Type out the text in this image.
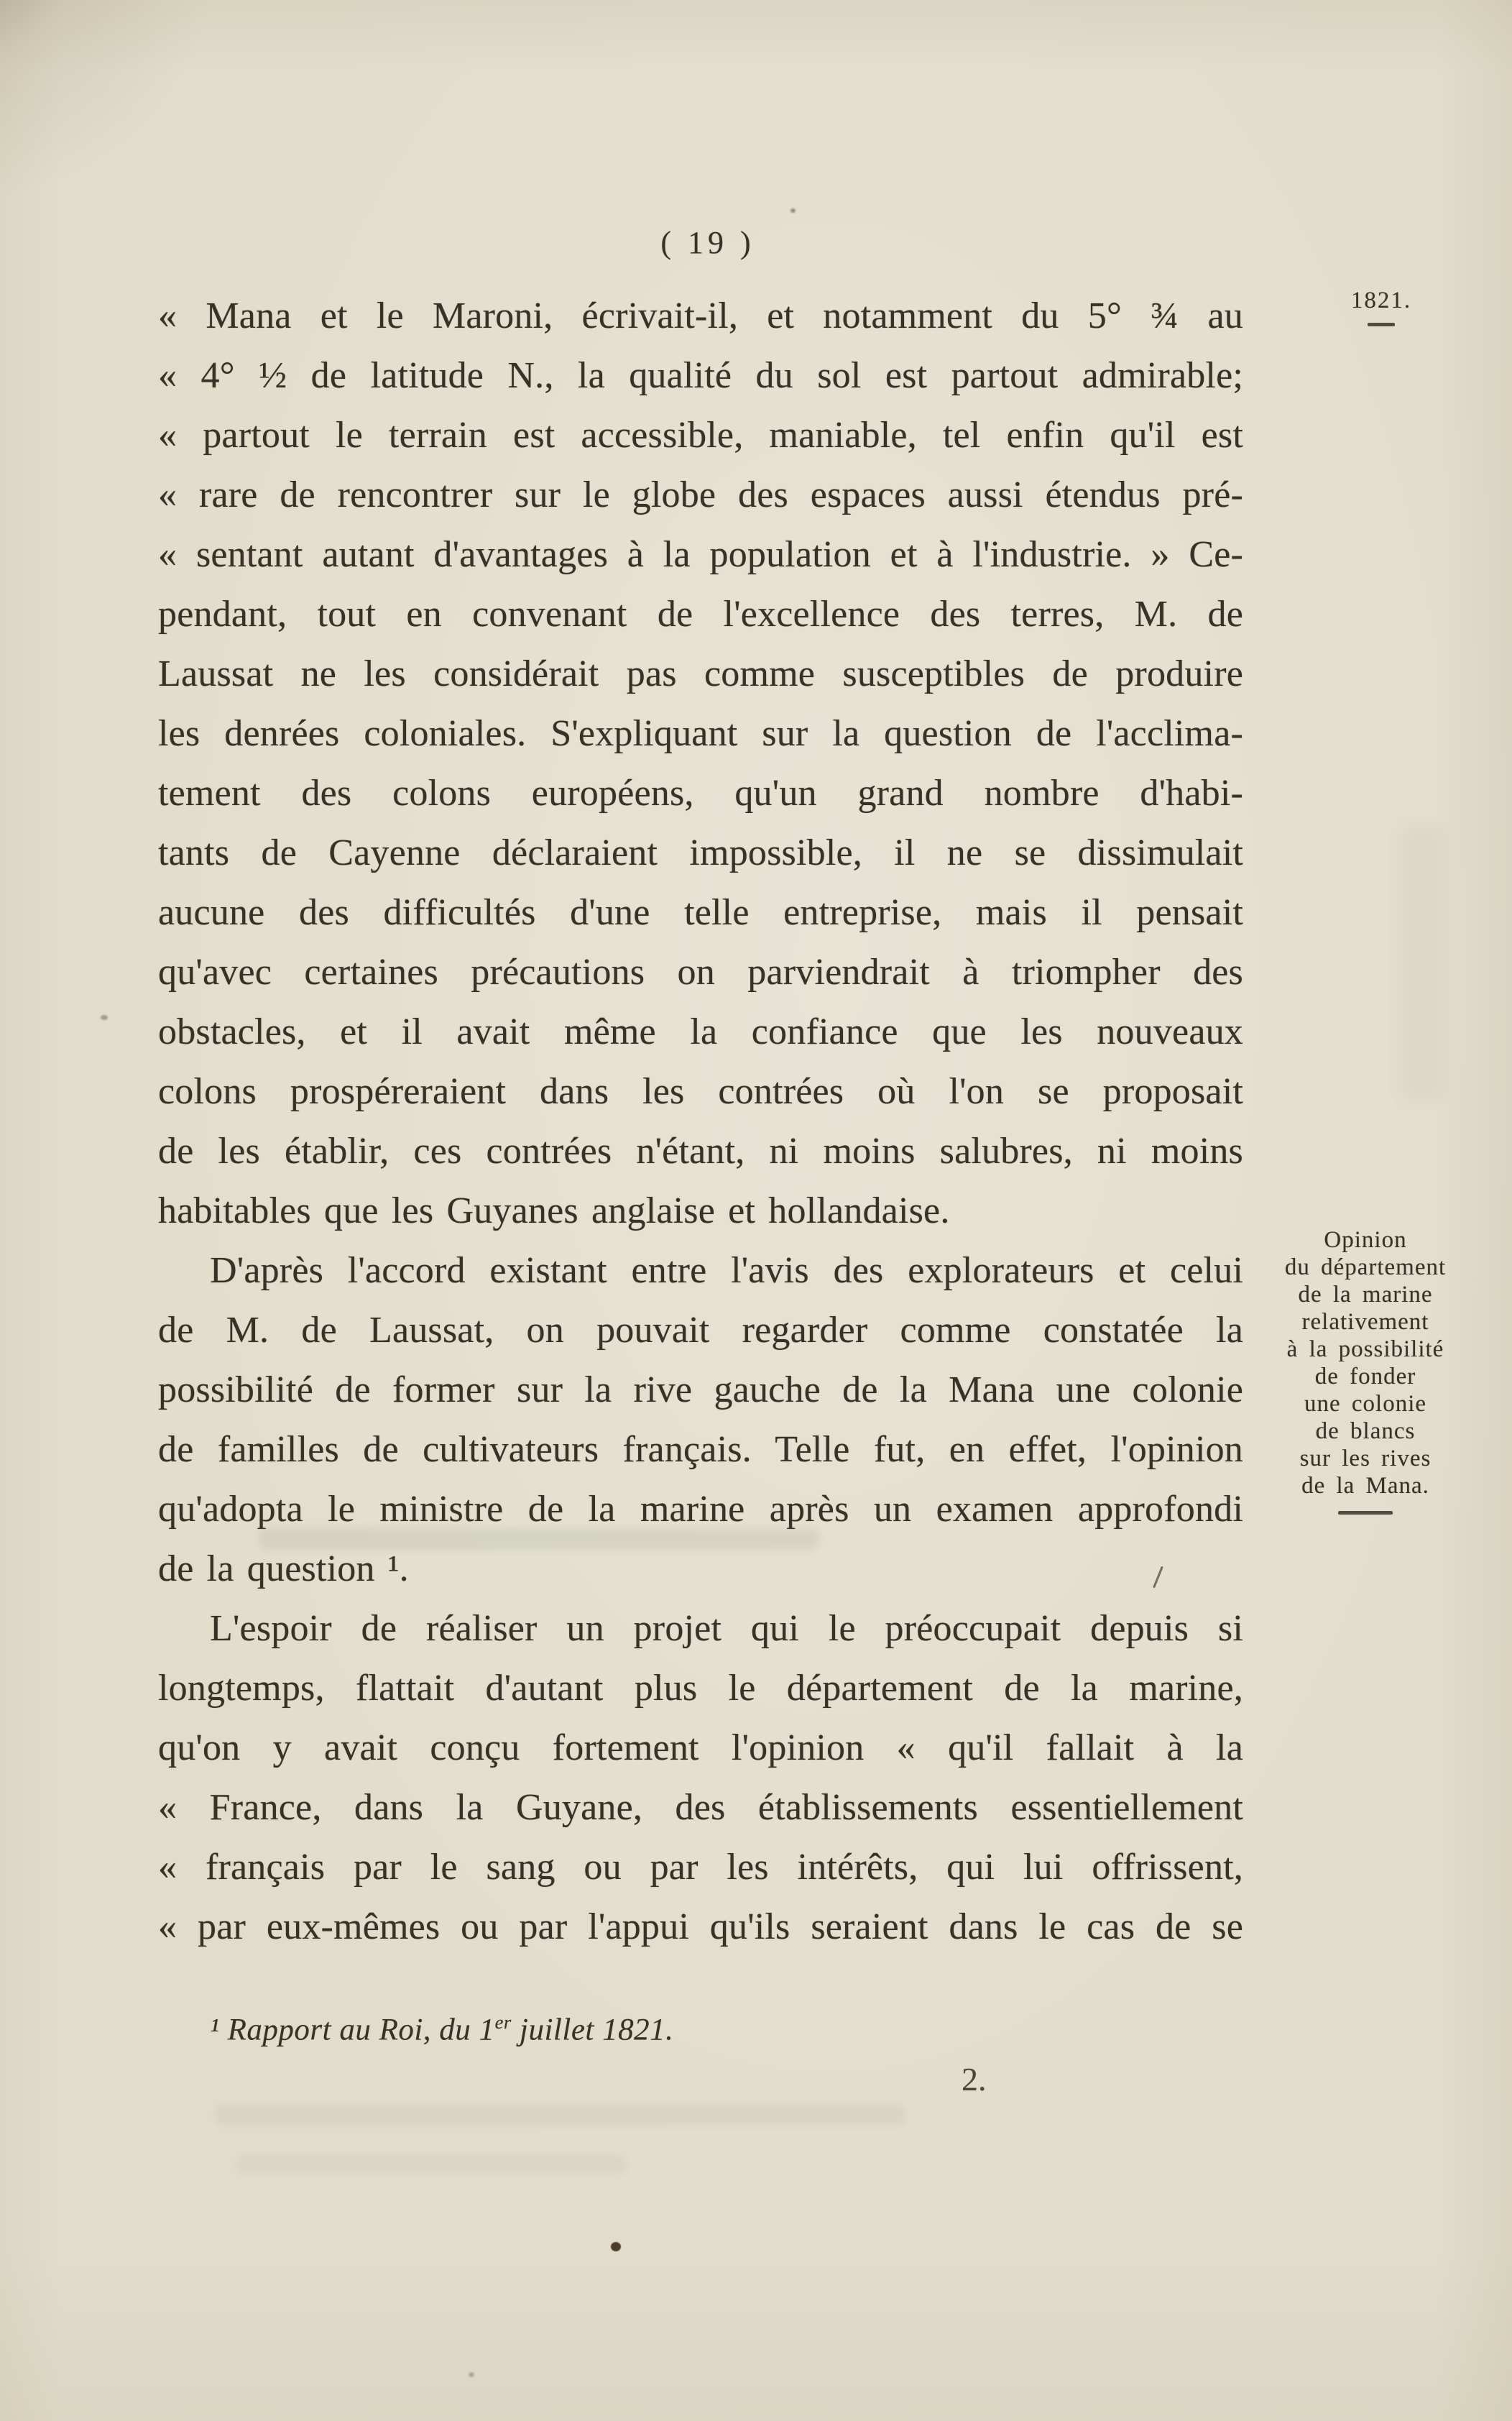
( 19 )
1821.
« Mana et le Maroni, écrivait-il, et notamment du 5° ¾ au
« 4° ½ de latitude N., la qualité du sol est partout admirable;
« partout le terrain est accessible, maniable, tel enfin qu'il est
« rare de rencontrer sur le globe des espaces aussi étendus pré-
« sentant autant d'avantages à la population et à l'industrie. » Ce-
pendant, tout en convenant de l'excellence des terres, M. de
Laussat ne les considérait pas comme susceptibles de produire
les denrées coloniales. S'expliquant sur la question de l'acclima-
tement des colons européens, qu'un grand nombre d'habi-
tants de Cayenne déclaraient impossible, il ne se dissimulait
aucune des difficultés d'une telle entreprise, mais il pensait
qu'avec certaines précautions on parviendrait à triompher des
obstacles, et il avait même la confiance que les nouveaux
colons prospéreraient dans les contrées où l'on se proposait
de les établir, ces contrées n'étant, ni moins salubres, ni moins
habitables que les Guyanes anglaise et hollandaise.
D'après l'accord existant entre l'avis des explorateurs et celui
de M. de Laussat, on pouvait regarder comme constatée la
possibilité de former sur la rive gauche de la Mana une colonie
de familles de cultivateurs français. Telle fut, en effet, l'opinion
qu'adopta le ministre de la marine après un examen approfondi
de la question ¹.
L'espoir de réaliser un projet qui le préoccupait depuis si
longtemps, flattait d'autant plus le département de la marine,
qu'on y avait conçu fortement l'opinion « qu'il fallait à la
« France, dans la Guyane, des établissements essentiellement
« français par le sang ou par les intérêts, qui lui offrissent,
« par eux-mêmes ou par l'appui qu'ils seraient dans le cas de se
Opinion
du département
de la marine
relativement
à la possibilité
de fonder
une colonie
de blancs
sur les rives
de la Mana.
¹ Rapport au Roi, du 1er juillet 1821.
2.
